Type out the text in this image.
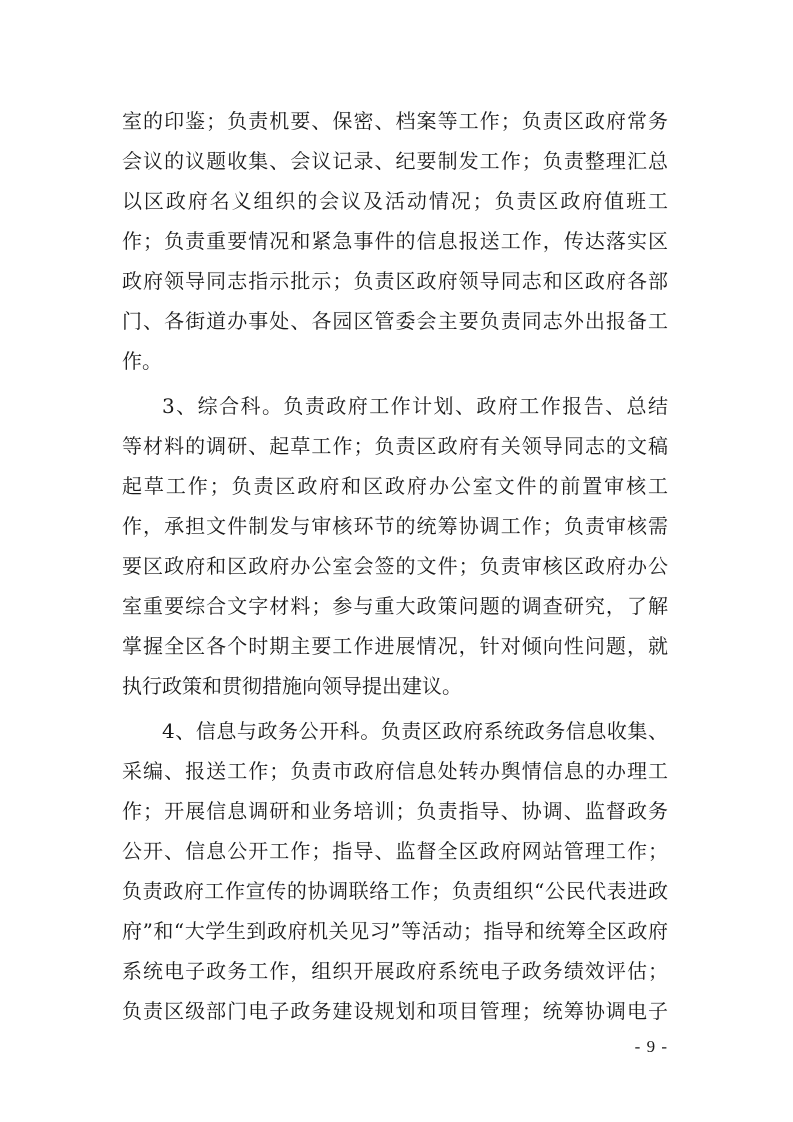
室的印鉴；负责机要、保密、档案等工作；负责区政府常务
会议的议题收集、会议记录、纪要制发工作；负责整理汇总
以区政府名义组织的会议及活动情况；负责区政府值班工
作；负责重要情况和紧急事件的信息报送工作，传达落实区
政府领导同志指示批示；负责区政府领导同志和区政府各部
门、各街道办事处、各园区管委会主要负责同志外出报备工
作。
3、综合科。负责政府工作计划、政府工作报告、总结
等材料的调研、起草工作；负责区政府有关领导同志的文稿
起草工作；负责区政府和区政府办公室文件的前置审核工
作，承担文件制发与审核环节的统筹协调工作；负责审核需
要区政府和区政府办公室会签的文件；负责审核区政府办公
室重要综合文字材料；参与重大政策问题的调查研究，了解
掌握全区各个时期主要工作进展情况，针对倾向性问题，就
执行政策和贯彻措施向领导提出建议。
4、信息与政务公开科。负责区政府系统政务信息收集、
采编、报送工作；负责市政府信息处转办舆情信息的办理工
作；开展信息调研和业务培训；负责指导、协调、监督政务
公开、信息公开工作；指导、监督全区政府网站管理工作；
负责政府工作宣传的协调联络工作；负责组织“公民代表进政
府”和“大学生到政府机关见习”等活动；指导和统筹全区政府
系统电子政务工作，组织开展政府系统电子政务绩效评估；
负责区级部门电子政务建设规划和项目管理；统筹协调电子
- 9 -
